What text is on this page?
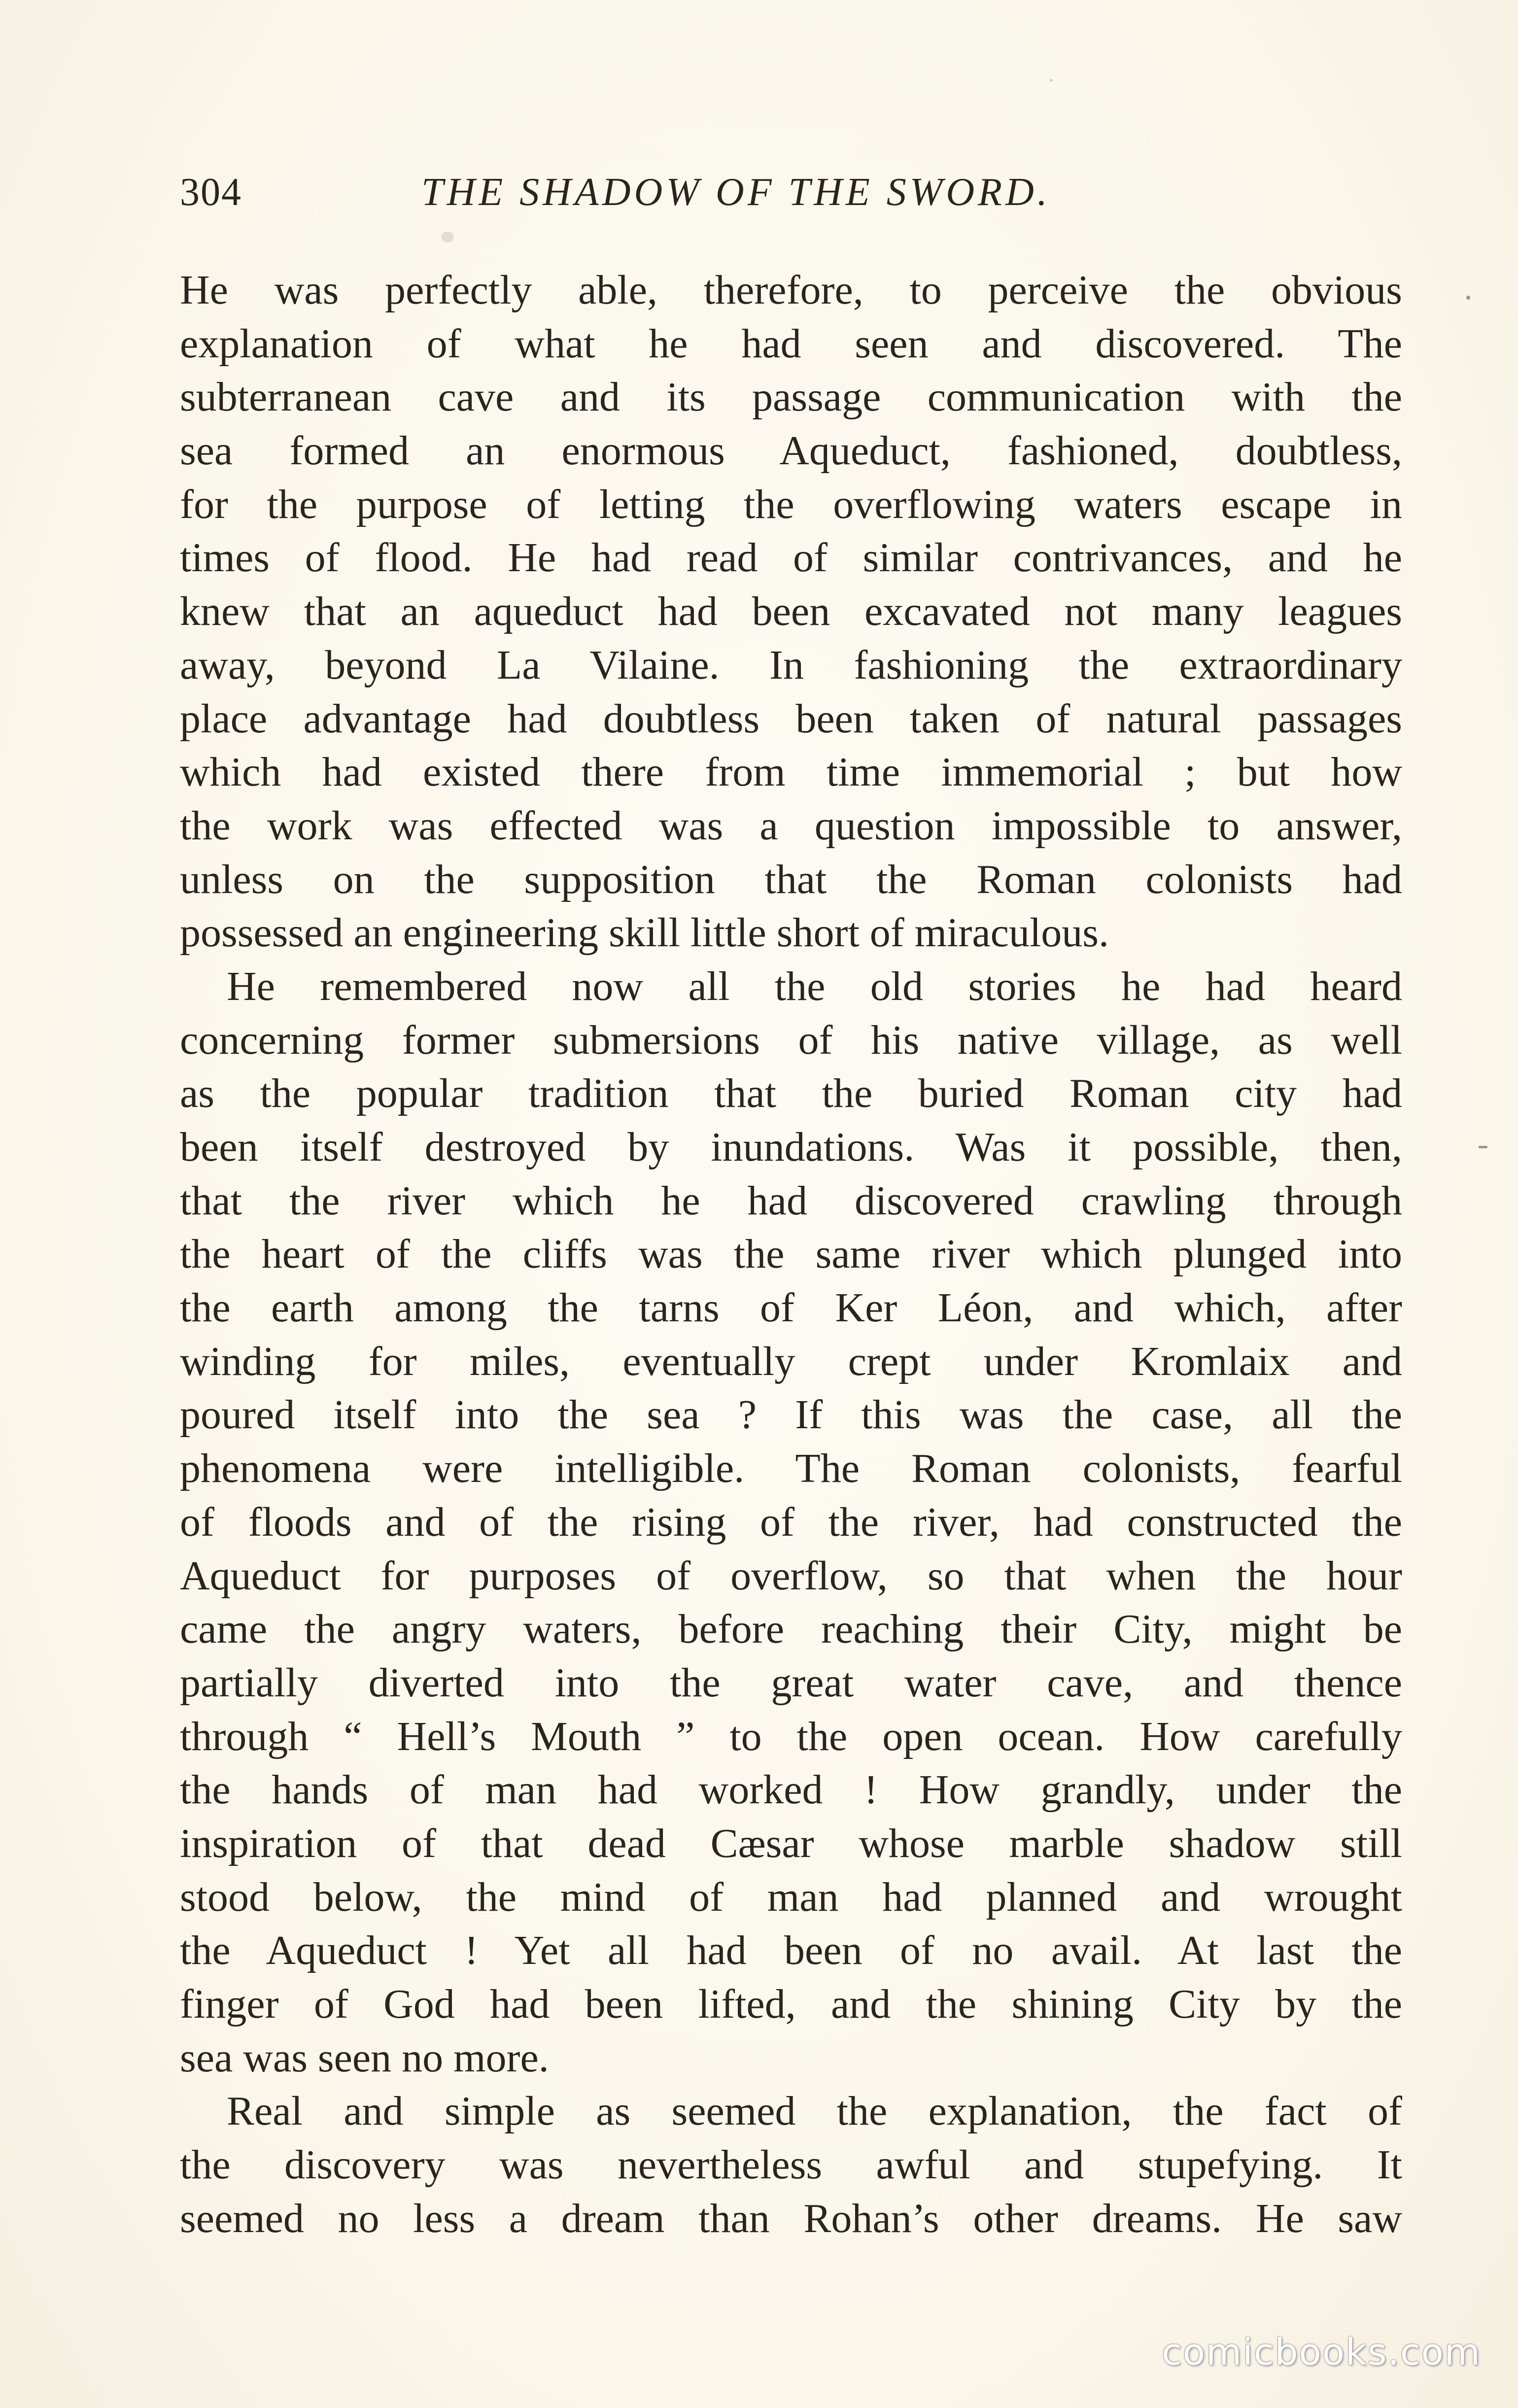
304	THE SHADOW OF THE SWORD.
He was perfectly able, therefore, to perceive the obvious
explanation of what he had seen and discovered. The
subterranean cave and its passage communication with the
sea formed an enormous Aqueduct, fashioned, doubtless,
for the purpose of letting the overflowing waters escape in
times of flood. He had read of similar contrivances, and he
knew that an aqueduct had been excavated not many leagues
away, beyond La Vilaine. In fashioning the extraordinary
place advantage had doubtless been taken of natural passages
which had existed there from time immemorial ; but how
the work was effected was a question impossible to answer,
unless on the supposition that the Roman colonists had
possessed an engineering skill little short of miraculous.
He remembered now all the old stories he had heard
concerning former submersions of his native village, as well
as the popular tradition that the buried Roman city had
been itself destroyed by inundations. Was it possible, then,
that the river which he had discovered crawling through
the heart of the cliffs was the same river which plunged into
the earth among the tarns of Ker Léon, and which, after
winding for miles, eventually crept under Kromlaix and
poured itself into the sea ? If this was the case, all the
phenomena were intelligible. The Roman colonists, fearful
of floods and of the rising of the river, had constructed the
Aqueduct for purposes of overflow, so that when the hour
came the angry waters, before reaching their City, might be
partially diverted into the great water cave, and thence
through “ Hell’s Mouth ” to the open ocean. How carefully
the hands of man had worked ! How grandly, under the
inspiration of that dead Cæsar whose marble shadow still
stood below, the mind of man had planned and wrought
the Aqueduct ! Yet all had been of no avail. At last the
finger of God had been lifted, and the shining City by the
sea was seen no more.
Real and simple as seemed the explanation, the fact of
the discovery was nevertheless awful and stupefying. It
seemed no less a dream than Rohan’s other dreams. He saw
comicbooks.com
